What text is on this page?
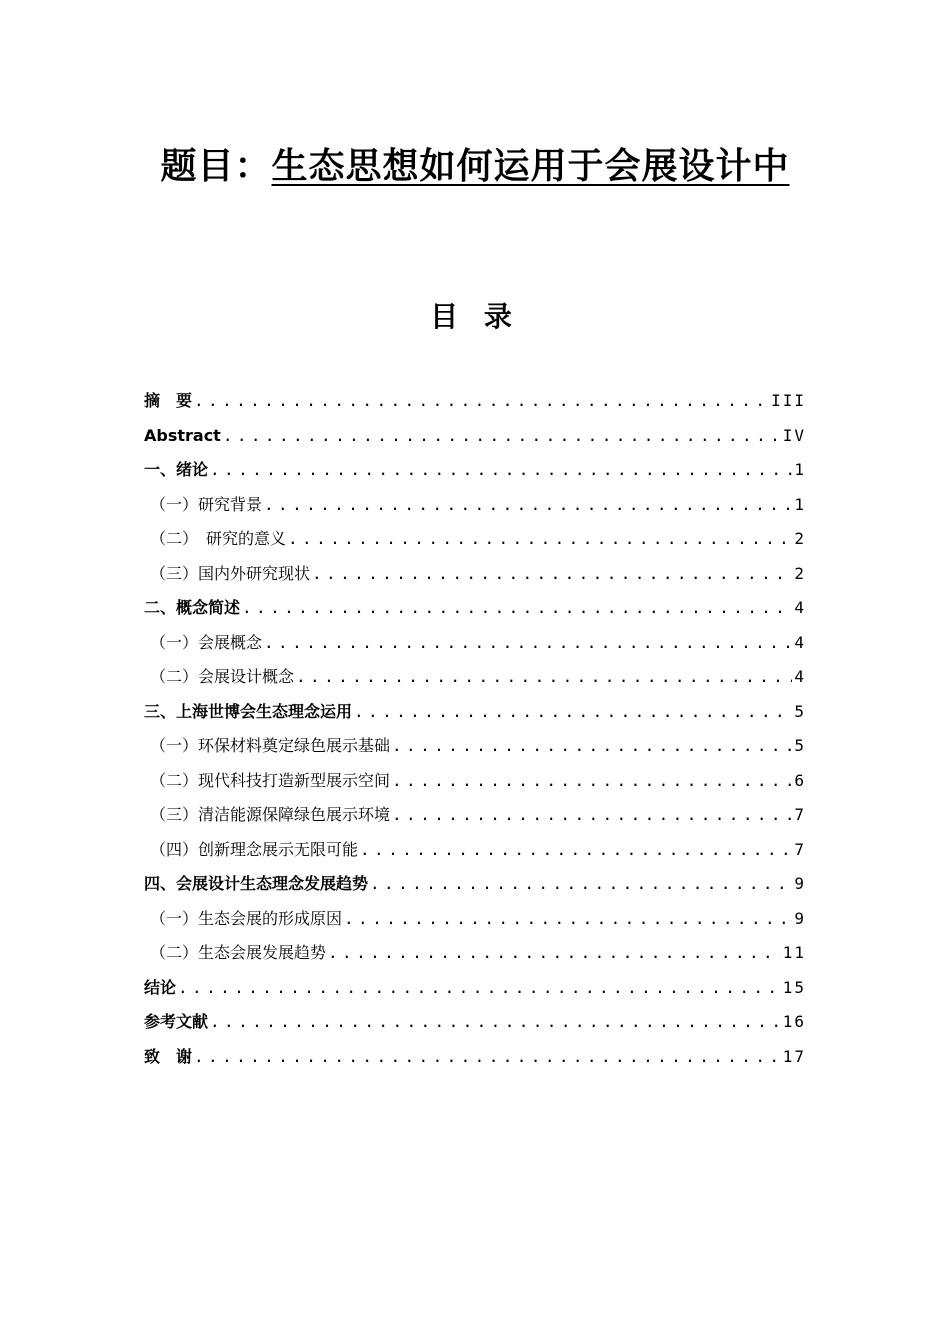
题目：生态思想如何运用于会展设计中
目 录
摘　要 .....	III
Abstract .....	IV
一、绪论 .....	1
（一）研究背景 .....	1
（二）　研究的意义 .....	2
（三）国内外研究现状 .....	2
二、概念简述 .....	4
（一）会展概念 .....	4
（二）会展设计概念 .....	4
三、上海世博会生态理念运用 .....	5
（一）环保材料奠定绿色展示基础 .....	5
（二）现代科技打造新型展示空间 .....	6
（三）清洁能源保障绿色展示环境 .....	7
（四）创新理念展示无限可能 .....	7
四、会展设计生态理念发展趋势 .....	9
（一）生态会展的形成原因 .....	9
（二）生态会展发展趋势 .....	11
结论 .....	15
参考文献 .....	16
致　谢 .....	17
